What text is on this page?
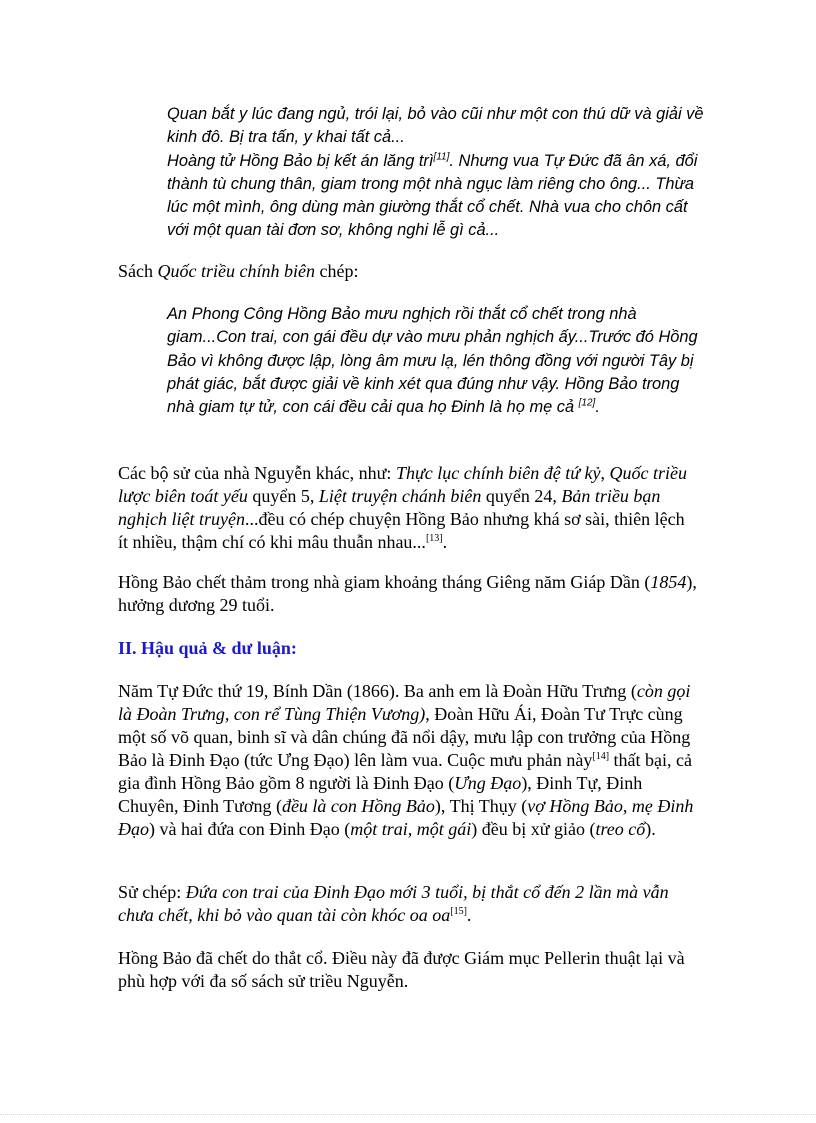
Quan bắt y lúc đang ngủ, trói lại, bỏ vào cũi như một con thú dữ và giải về kinh đô. Bị tra tấn, y khai tất cả...

Hoàng tử Hồng Bảo bị kết án lăng trì[11]. Nhưng vua Tự Đức đã ân xá, đổi thành tù chung thân, giam trong một nhà ngục làm riêng cho ông... Thừa lúc một mình, ông dùng màn giường thắt cổ chết. Nhà vua cho chôn cất với một quan tài đơn sơ, không nghi lễ gì cả...

Sách Quốc triều chính biên chép:

An Phong Công Hồng Bảo mưu nghịch rồi thắt cổ chết trong nhà giam...Con trai, con gái đều dự vào mưu phản nghịch ấy...Trước đó Hồng Bảo vì không được lập, lòng âm mưu lạ, lén thông đồng với người Tây bị phát giác, bắt được giải về kinh xét qua đúng như vậy. Hồng Bảo trong nhà giam tự tử, con cái đều cải qua họ Đinh là họ mẹ cả [12].

Các bộ sử của nhà Nguyễn khác, như: Thực lục chính biên đệ tứ kỷ, Quốc triều lược biên toát yếu quyển 5, Liệt truyện chánh biên quyển 24, Bản triều bạn nghịch liệt truyện...đều có chép chuyện Hồng Bảo nhưng khá sơ sài, thiên lệch ít nhiều, thậm chí có khi mâu thuẫn nhau...[13].

Hồng Bảo chết thảm trong nhà giam khoảng tháng Giêng năm Giáp Dần (1854), hưởng dương 29 tuổi.

II. Hậu quả & dư luận:

Năm Tự Đức thứ 19, Bính Dần (1866). Ba anh em là Đoàn Hữu Trưng (còn gọi là Đoàn Trưng, con rể Tùng Thiện Vương), Đoàn Hữu Ái, Đoàn Tư Trực cùng một số võ quan, binh sĩ và dân chúng đã nổi dậy, mưu lập con trưởng của Hồng Bảo là Đinh Đạo (tức Ưng Đạo) lên làm vua. Cuộc mưu phản này[14] thất bại, cả gia đình Hồng Bảo gồm 8 người là Đinh Đạo (Ưng Đạo), Đinh Tự, Đinh Chuyên, Đinh Tương (đều là con Hồng Bảo), Thị Thụy (vợ Hồng Bảo, mẹ Đinh Đạo) và hai đứa con Đinh Đạo (một trai, một gái) đều bị xử giảo (treo cổ).

Sử chép: Đứa con trai của Đinh Đạo mới 3 tuổi, bị thắt cổ đến 2 lần mà vẫn chưa chết, khi bỏ vào quan tài còn khóc oa oa[15].

Hồng Bảo đã chết do thắt cổ. Điều này đã được Giám mục Pellerin thuật lại và phù hợp với đa số sách sử triều Nguyễn.
